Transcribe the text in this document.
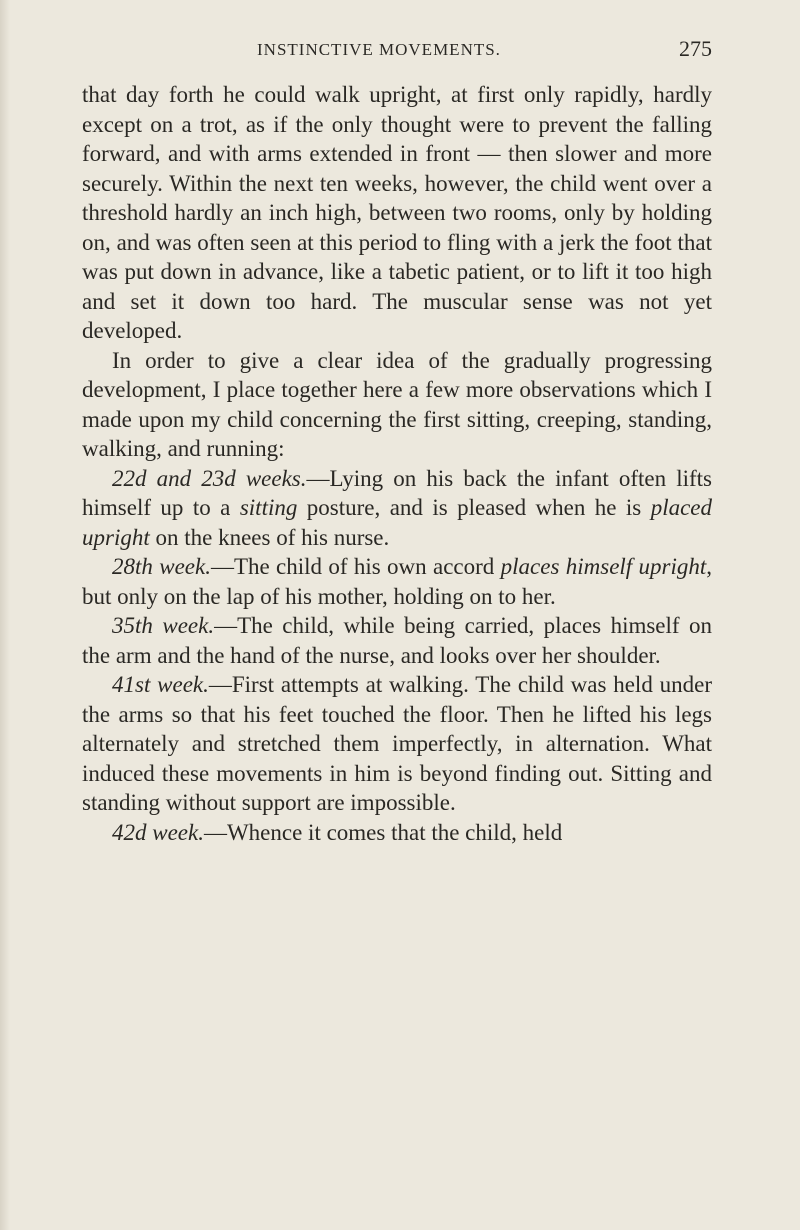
INSTINCTIVE MOVEMENTS.	275

that day forth he could walk upright, at first only rapidly, hardly except on a trot, as if the only thought were to prevent the falling forward, and with arms extended in front — then slower and more securely. Within the next ten weeks, however, the child went over a threshold hardly an inch high, between two rooms, only by holding on, and was often seen at this period to fling with a jerk the foot that was put down in advance, like a tabetic patient, or to lift it too high and set it down too hard. The muscular sense was not yet developed.

In order to give a clear idea of the gradually progressing development, I place together here a few more observations which I made upon my child concerning the first sitting, creeping, standing, walking, and running:

22d and 23d weeks.—Lying on his back the infant often lifts himself up to a sitting posture, and is pleased when he is placed upright on the knees of his nurse.

28th week.—The child of his own accord places himself upright, but only on the lap of his mother, holding on to her.

35th week.—The child, while being carried, places himself on the arm and the hand of the nurse, and looks over her shoulder.

41st week.—First attempts at walking. The child was held under the arms so that his feet touched the floor. Then he lifted his legs alternately and stretched them imperfectly, in alternation. What induced these movements in him is beyond finding out. Sitting and standing without support are impossible.

42d week.—Whence it comes that the child, held
